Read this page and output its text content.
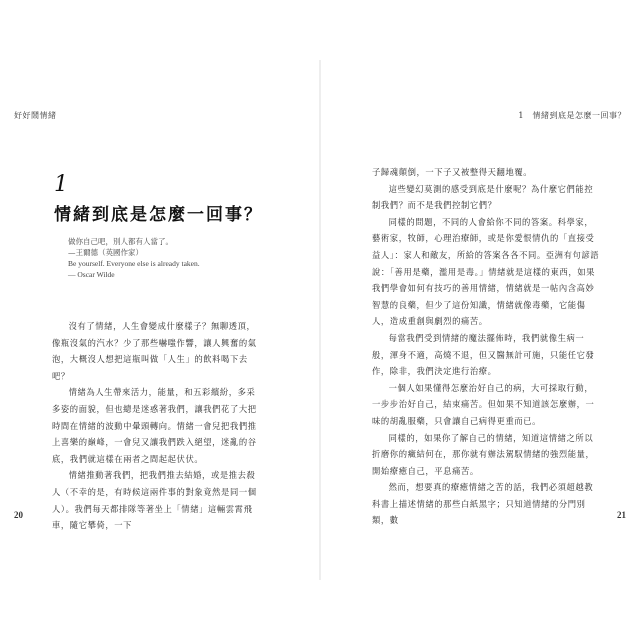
好好鬧情緒
1
情緒到底是怎麼一回事？
做你自己吧，別人都有人當了。
—王爾德（英國作家）
Be yourself. Everyone else is already taken.
— Oscar Wilde

沒有了情緒，人生會變成什麼樣子？無聊透頂，像瓶沒氣的汽水？少了那些嚇嗤作響，讓人興奮的氣泡，大概沒人想把這瓶叫做「人生」的飲料喝下去吧？

情緒為人生帶來活力，能量，和五彩繽紛，多采多姿的面貌，但也總是迷惑著我們，讓我們花了大把時間在情緒的波動中暈頭轉向。情緒一會兒把我們推上喜樂的巔峰，一會兒又讓我們跌入絕望，迷亂的谷底，我們就這樣在兩者之間起起伏伏。

情緒推動著我們，把我們推去結婚，或是推去殺人（不幸的是，有時候這兩件事的對象竟然是同一個人）。我們每天都排隊等著坐上「情緒」這輛雲霄飛車，隨它攀倚，一下

20
1　情緒到底是怎麼一回事？

子歸魂顛倒，一下子又被整得天翻地覆。

這些變幻莫測的感受到底是什麼呢？為什麼它們能控制我們？而不是我們控制它們？

同樣的問題，不同的人會給你不同的答案。科學家，藝術家，牧師，心理治療師，或是你愛恨情仇的「直接受益人」：家人和敵友，所給的答案各各不同。亞洲有句諺語說：「善用是藥，濫用是毒。」情緒就是這樣的東西，如果我們學會如何有技巧的善用情緒，情緒就是一帖內含高妙智慧的良藥，但少了這份知識，情緒就像毒藥，它能傷人，造成重創與劇烈的痛苦。

每當我們受到情緒的魔法擺佈時，我們就像生病一般，渾身不適，高燒不退，但又醫無計可施，只能任它發作，除非，我們決定進行治療。

一個人如果懂得怎麼治好自己的病，大可採取行動，一步步治好自己，結束痛苦。但如果不知道該怎麼辦，一味的胡亂服藥，只會讓自己病得更重而已。

同樣的，如果你了解自己的情緒，知道這情緒之所以折磨你的癥結何在，那你就有辦法駕馭情緒的強烈能量，開始療癒自己，平息痛苦。

然而，想要真的療癒情緒之苦的話，我們必須超越教科書上描述情緒的那些白紙黑字；只知道情緒的分門別類，數

21
